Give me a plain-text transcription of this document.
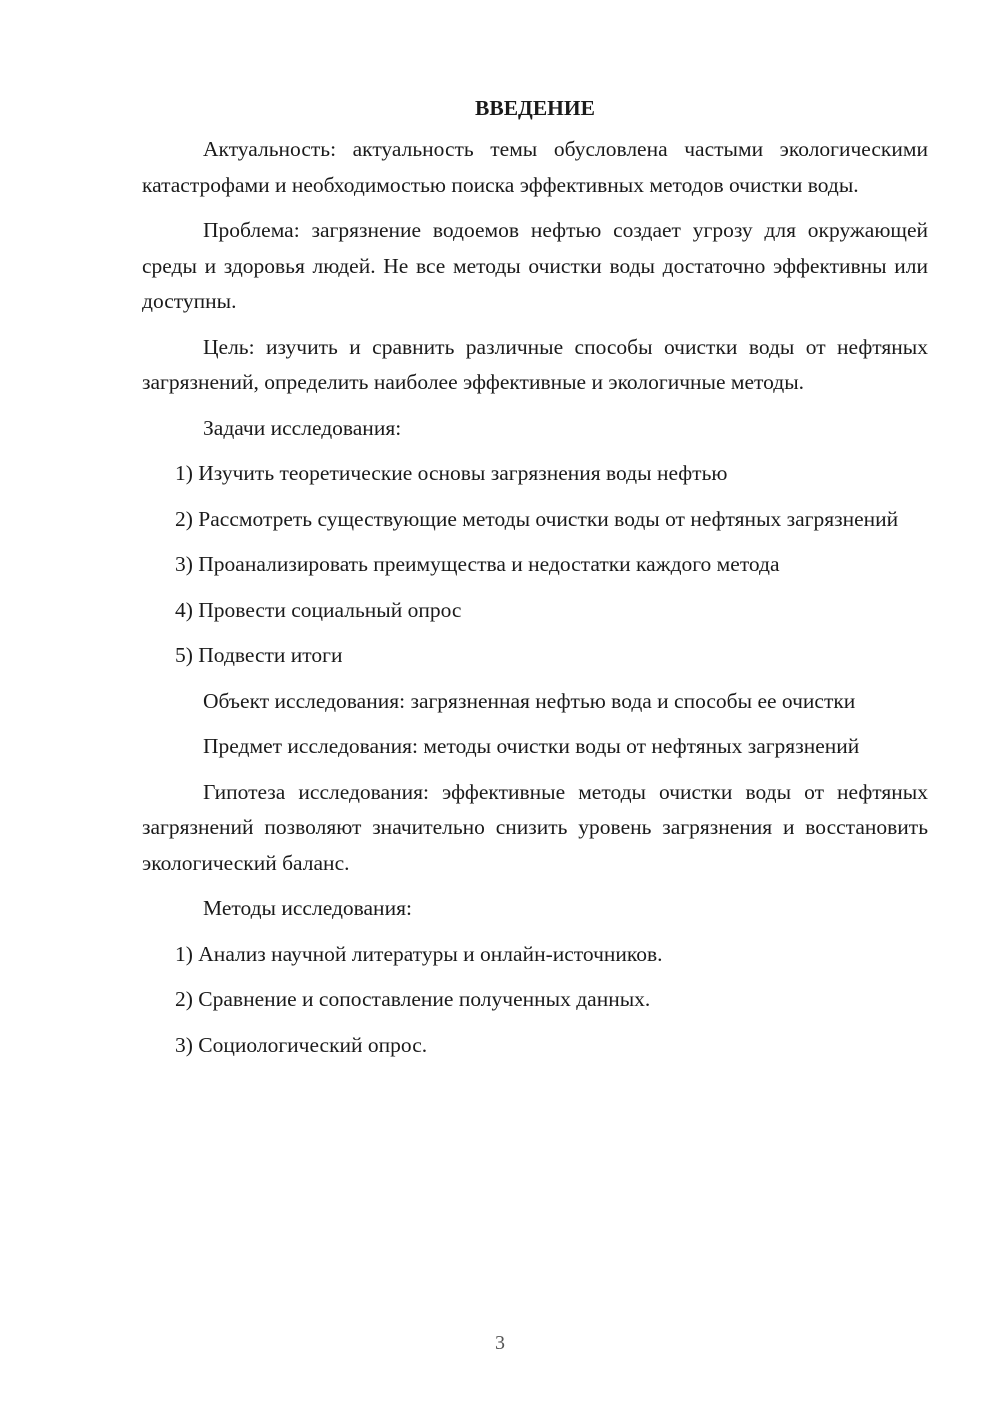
ВВЕДЕНИЕ

Актуальность: актуальность темы обусловлена частыми экологическими катастрофами и необходимостью поиска эффективных методов очистки воды.

Проблема: загрязнение водоемов нефтью создает угрозу для окружающей среды и здоровья людей. Не все методы очистки воды достаточно эффективны или доступны.

Цель: изучить и сравнить различные способы очистки воды от нефтяных загрязнений, определить наиболее эффективные и экологичные методы.

Задачи исследования:

1) Изучить теоретические основы загрязнения воды нефтью

2) Рассмотреть существующие методы очистки воды от нефтяных загрязнений

3) Проанализировать преимущества и недостатки каждого метода

4) Провести социальный опрос

5) Подвести итоги

Объект исследования: загрязненная нефтью вода и способы ее очистки

Предмет исследования: методы очистки воды от нефтяных загрязнений

Гипотеза исследования: эффективные методы очистки воды от нефтяных загрязнений позволяют значительно снизить уровень загрязнения и восстановить экологический баланс.

Методы исследования:

1) Анализ научной литературы и онлайн-источников.

2) Сравнение и сопоставление полученных данных.

3) Социологический опрос.

3
